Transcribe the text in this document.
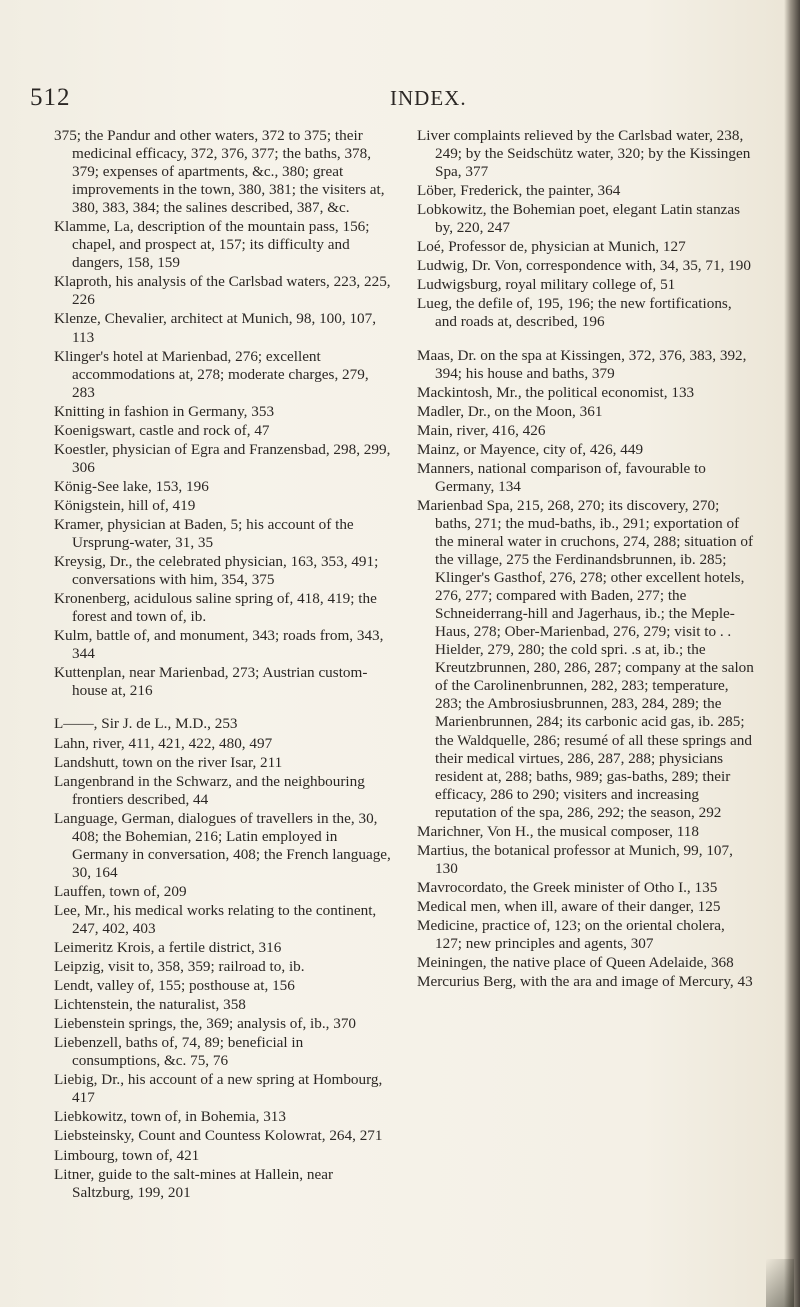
512	INDEX.

375; the Pandur and other waters, 372 to 375; their medicinal efficacy, 372, 376, 377; the baths, 378, 379; expenses of apartments, &c., 380; great improvements in the town, 380, 381; the visiters at, 380, 383, 384; the salines described, 387, &c.

Klamme, La, description of the mountain pass, 156; chapel, and prospect at, 157; its difficulty and dangers, 158, 159

Klaproth, his analysis of the Carlsbad waters, 223, 225, 226

Klenze, Chevalier, architect at Munich, 98, 100, 107, 113

Klinger's hotel at Marienbad, 276; excellent accommodations at, 278; moderate charges, 279, 283

Knitting in fashion in Germany, 353

Koenigswart, castle and rock of, 47

Koestler, physician of Egra and Franzensbad, 298, 299, 306

König-See lake, 153, 196

Königstein, hill of, 419

Kramer, physician at Baden, 5; his account of the Ursprung-water, 31, 35

Kreysig, Dr., the celebrated physician, 163, 353, 491; conversations with him, 354, 375

Kronenberg, acidulous saline spring of, 418, 419; the forest and town of, ib.

Kulm, battle of, and monument, 343; roads from, 343, 344

Kuttenplan, near Marienbad, 273; Austrian custom-house at, 216

L——, Sir J. de L., M.D., 253

Lahn, river, 411, 421, 422, 480, 497

Landshutt, town on the river Isar, 211

Langenbrand in the Schwarz, and the neighbouring frontiers described, 44

Language, German, dialogues of travellers in the, 30, 408; the Bohemian, 216; Latin employed in Germany in conversation, 408; the French language, 30, 164

Lauffen, town of, 209

Lee, Mr., his medical works relating to the continent, 247, 402, 403

Leimeritz Krois, a fertile district, 316

Leipzig, visit to, 358, 359; railroad to, ib.

Lendt, valley of, 155; posthouse at, 156

Lichtenstein, the naturalist, 358

Liebenstein springs, the, 369; analysis of, ib., 370

Liebenzell, baths of, 74, 89; beneficial in consumptions, &c. 75, 76

Liebig, Dr., his account of a new spring at Hombourg, 417

Liebkowitz, town of, in Bohemia, 313

Liebsteinsky, Count and Countess Kolowrat, 264, 271

Limbourg, town of, 421

Litner, guide to the salt-mines at Hallein, near Saltzburg, 199, 201

Liver complaints relieved by the Carlsbad water, 238, 249; by the Seidschütz water, 320; by the Kissingen Spa, 377

Löber, Frederick, the painter, 364

Lobkowitz, the Bohemian poet, elegant Latin stanzas by, 220, 247

Loé, Professor de, physician at Munich, 127

Ludwig, Dr. Von, correspondence with, 34, 35, 71, 190

Ludwigsburg, royal military college of, 51

Lueg, the defile of, 195, 196; the new fortifications, and roads at, described, 196

Maas, Dr. on the spa at Kissingen, 372, 376, 383, 392, 394; his house and baths, 379

Mackintosh, Mr., the political economist, 133

Madler, Dr., on the Moon, 361

Main, river, 416, 426

Mainz, or Mayence, city of, 426, 449

Manners, national comparison of, favourable to Germany, 134

Marienbad Spa, 215, 268, 270; its discovery, 270; baths, 271; the mud-baths, ib., 291; exportation of the mineral water in cruchons, 274, 288; situation of the village, 275 the Ferdinandsbrunnen, ib. 285; Klinger's Gasthof, 276, 278; other excellent hotels, 276, 277; compared with Baden, 277; the Schneiderrang-hill and Jagerhaus, ib.; the Meple-Haus, 278; Ober-Marienbad, 276, 279; visit to . . Hielder, 279, 280; the cold spri. .s at, ib.; the Kreutzbrunnen, 280, 286, 287; company at the salon of the Carolinenbrunnen, 282, 283; temperature, 283; the Ambrosiusbrunnen, 283, 284, 289; the Marienbrunnen, 284; its carbonic acid gas, ib. 285; the Waldquelle, 286; resumé of all these springs and their medical virtues, 286, 287, 288; physicians resident at, 288; baths, 989; gas-baths, 289; their efficacy, 286 to 290; visiters and increasing reputation of the spa, 286, 292; the season, 292

Marichner, Von H., the musical composer, 118

Martius, the botanical professor at Munich, 99, 107, 130

Mavrocordato, the Greek minister of Otho I., 135

Medical men, when ill, aware of their danger, 125

Medicine, practice of, 123; on the oriental cholera, 127; new principles and agents, 307

Meiningen, the native place of Queen Adelaide, 368

Mercurius Berg, with the ara and image of Mercury, 43
